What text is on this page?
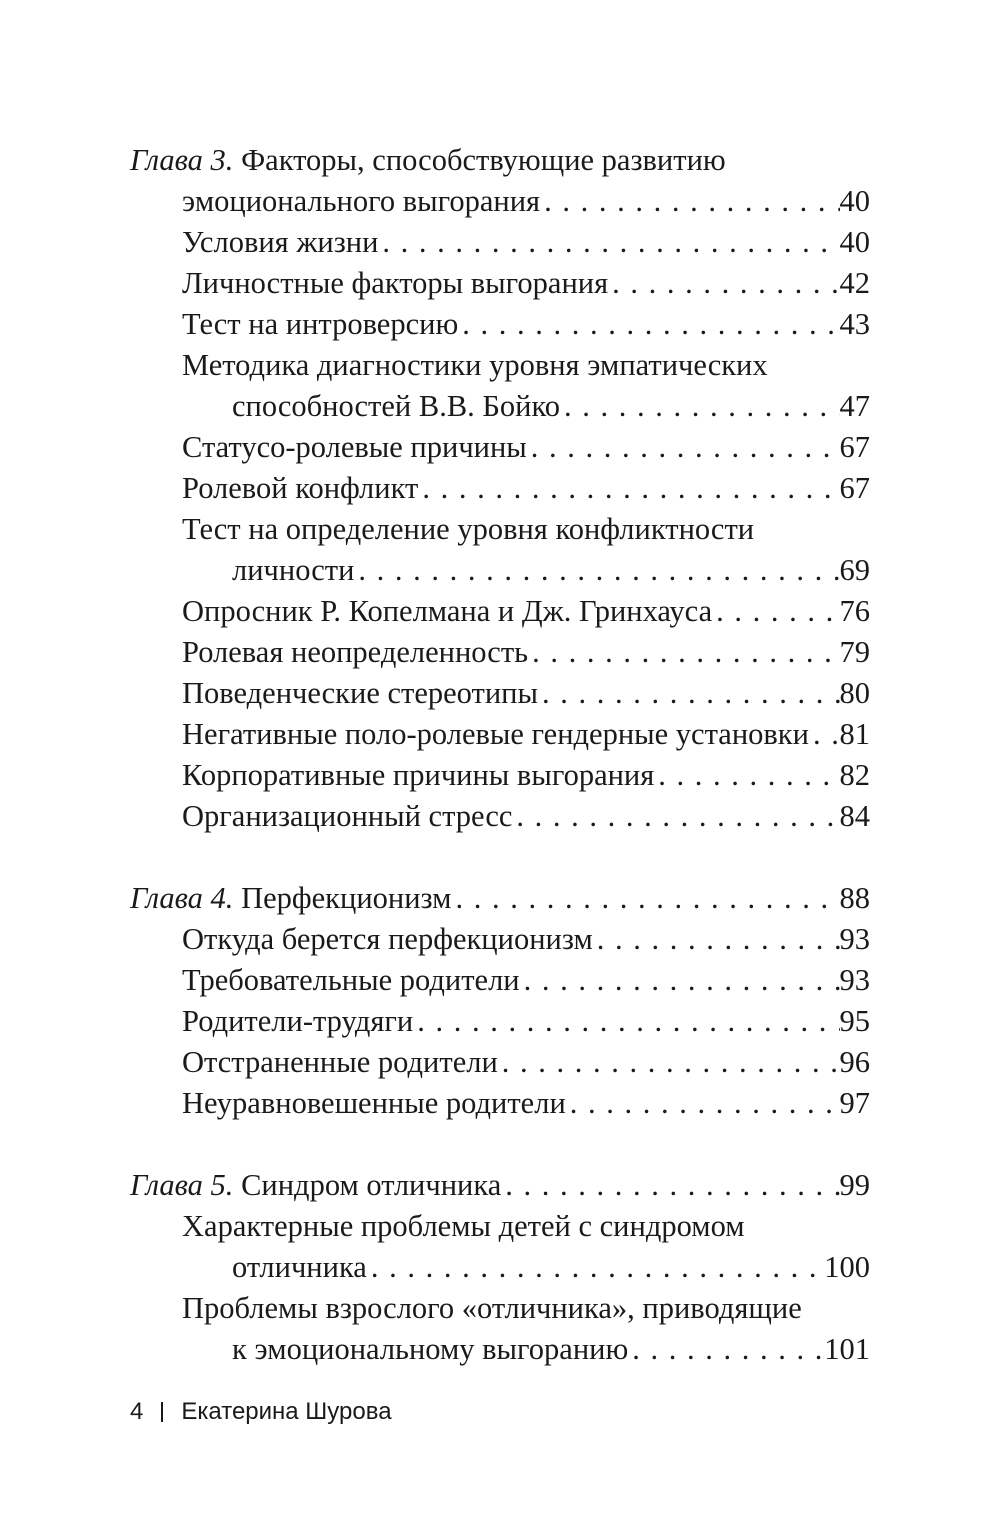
Глава 3. Факторы, способствующие развитию
эмоционального выгорания . . .	40
Условия жизни . . .	40
Личностные факторы выгорания . . .	42
Тест на интроверсию . . .	43
Методика диагностики уровня эмпатических
способностей В.В. Бойко . . .	47
Статусо-ролевые причины . . .	67
Ролевой конфликт . . .	67
Тест на определение уровня конфликтности
личности . . .	69
Опросник Р. Копелмана и Дж. Гринхауса . . .	76
Ролевая неопределенность . . .	79
Поведенческие стереотипы . . .	80
Негативные поло-ролевые гендерные установки . . . 81
Корпоративные причины выгорания . . .	82
Организационный стресс . . .	84
Глава 4. Перфекционизм . . .	88
Откуда берется перфекционизм . . .	93
Требовательные родители . . .	93
Родители-трудяги . . .	95
Отстраненные родители . . .	96
Неуравновешенные родители . . .	97
Глава 5. Синдром отличника . . .	99
Характерные проблемы детей с синдромом
отличника . . .	100
Проблемы взрослого «отличника», приводящие
к эмоциональному выгоранию . . .	101
4 Екатерина Шурова
